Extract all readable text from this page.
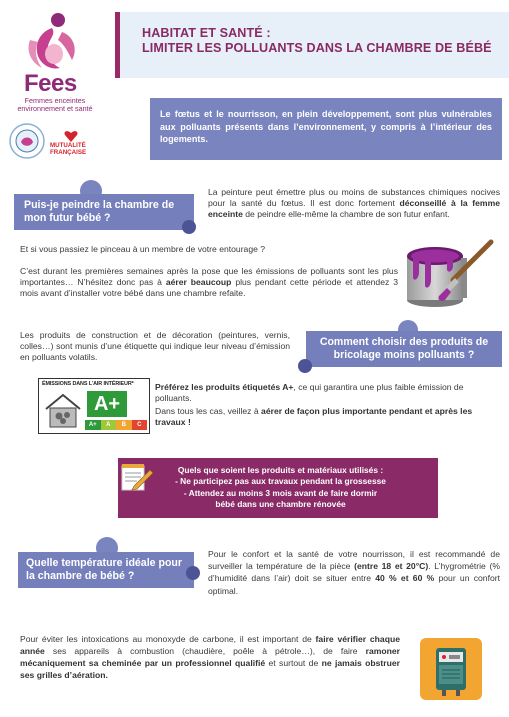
Fees
Femmes enceintes
environnement et santé
MUTUALITÉ
FRANÇAISE
HABITAT ET SANTÉ :
LIMITER LES POLLUANTS DANS LA CHAMBRE DE BÉBÉ
Le fœtus et le nourrisson, en plein développement, sont plus vulnérables aux polluants présents dans l’environnement, y compris à l’intérieur des logements.
Puis-je peindre la chambre de mon futur bébé ?
La peinture peut émettre plus ou moins de substances chimiques nocives pour la santé du fœtus. Il est donc fortement déconseillé à la femme enceinte de peindre elle-même la chambre de son futur enfant.
Et si vous passiez le pinceau à un membre de votre entourage ?
C’est durant les premières semaines après la pose que les émissions de polluants sont les plus importantes… N’hésitez donc pas à aérer beaucoup plus pendant cette période et attendez 3 mois avant d’installer votre bébé dans une chambre refaite.
Les produits de construction et de décoration (peintures, vernis, colles…) sont munis d’une étiquette qui indique leur niveau d’émission en polluants volatils.
Comment choisir des produits de bricolage moins polluants ?
ÉMISSIONS DANS L'AIR INTÉRIEUR*
A+
A+	A	B	C
Préférez les produits étiquetés A+, ce qui garantira une plus faible émission de polluants.
Dans tous les cas, veillez à aérer de façon plus importante pendant et après les travaux !
Quels que soient les produits et matériaux utilisés :
- Ne participez pas aux travaux pendant la grossesse
- Attendez au moins 3 mois avant de faire dormir
bébé dans une chambre rénovée
Quelle température idéale pour la chambre de bébé ?
Pour le confort et la santé de votre nourrisson, il est recommandé de surveiller la température de la pièce (entre 18 et 20°C). L’hygrométrie (% d’humidité dans l’air) doit se situer entre 40 % et 60 % pour un confort optimal.
Pour éviter les intoxications au monoxyde de carbone, il est important de faire vérifier chaque année ses appareils à combustion (chaudière, poêle à pétrole…), de faire ramoner mécaniquement sa cheminée par un professionnel qualifié et surtout de ne jamais obstruer ses grilles d’aération.
